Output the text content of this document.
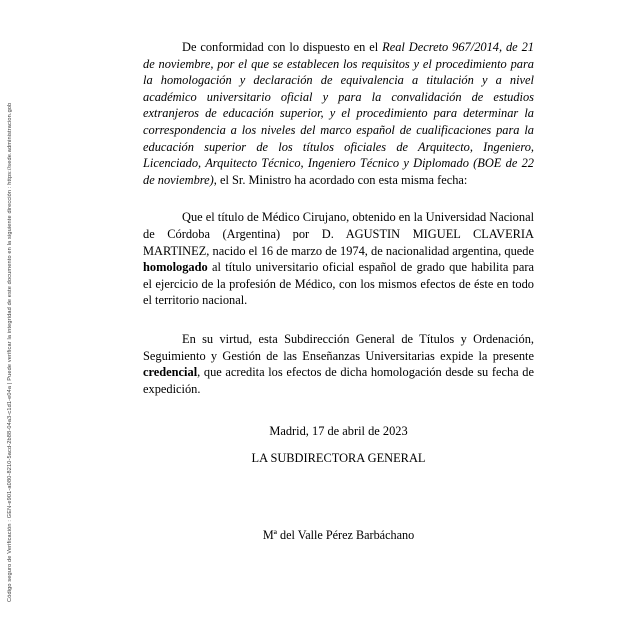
Código seguro de Verificación : GEN-e901-a080-8210-5acd-2b88-04a3-c1d1-e04a | Puede verificar la integridad de este documento en la siguiente dirección : https://sede.administracion.gob

De conformidad con lo dispuesto en el Real Decreto 967/2014, de 21 de noviembre, por el que se establecen los requisitos y el procedimiento para la homologación y declaración de equivalencia a titulación y a nivel académico universitario oficial y para la convalidación de estudios extranjeros de educación superior, y el procedimiento para determinar la correspondencia a los niveles del marco español de cualificaciones para la educación superior de los títulos oficiales de Arquitecto, Ingeniero, Licenciado, Arquitecto Técnico, Ingeniero Técnico y Diplomado (BOE de 22 de noviembre), el Sr. Ministro ha acordado con esta misma fecha:

Que el título de Médico Cirujano, obtenido en la Universidad Nacional de Córdoba (Argentina) por D. AGUSTIN MIGUEL CLAVERIA MARTINEZ, nacido el 16 de marzo de 1974, de nacionalidad argentina, quede homologado al título universitario oficial español de grado que habilita para el ejercicio de la profesión de Médico, con los mismos efectos de éste en todo el territorio nacional.

En su virtud, esta Subdirección General de Títulos y Ordenación, Seguimiento y Gestión de las Enseñanzas Universitarias expide la presente credencial, que acredita los efectos de dicha homologación desde su fecha de expedición.

Madrid, 17 de abril de 2023

LA SUBDIRECTORA GENERAL

Mª del Valle Pérez Barbáchano
